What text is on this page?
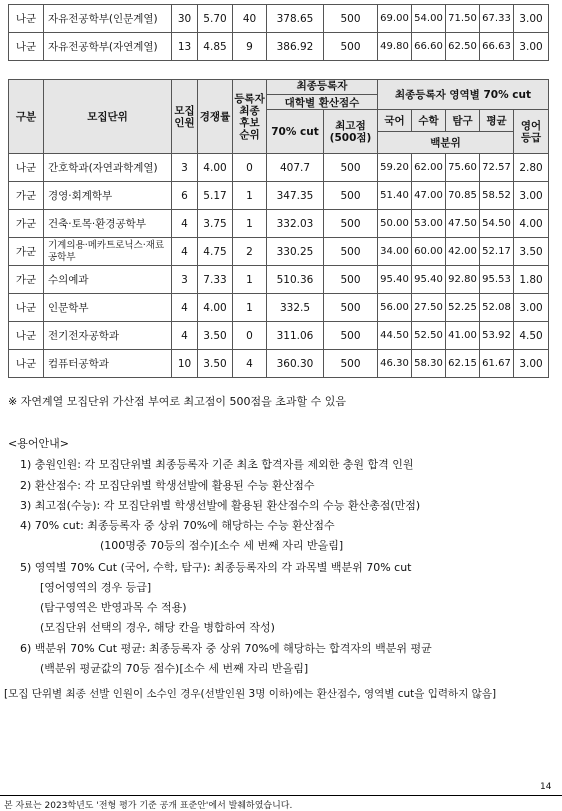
나군	자유전공학부(인문계열)	30	5.70	40	378.65	500	69.00	54.00	71.50	67.33	3.00
나군	자유전공학부(자연계열)	13	4.85	9	386.92	500	49.80	66.60	62.50	66.63	3.00
구분	모집단위	모집인원	경쟁률	등록자 최종 후보 순위	최종등록자
대학별 환산점수		최종등록자 영역별 70% cut				

					70% cut	최고점 (500점)	국어	수학	탐구	평균	영어 등급
							백분위				
나군	간호학과(자연과학계열)	3	4.00	0	407.7	500	59.20	62.00	75.60	72.57	2.80
가군	경영·회계학부	6	5.17	1	347.35	500	51.40	47.00	70.85	58.52	3.00
가군	건축·토목·환경공학부	4	3.75	1	332.03	500	50.00	53.00	47.50	54.50	4.00
가군	기계의용·메카트로닉스·재료공학부	4	4.75	2	330.25	500	34.00	60.00	42.00	52.17	3.50
가군	수의예과	3	7.33	1	510.36	500	95.40	95.40	92.80	95.53	1.80
나군	인문학부	4	4.00	1	332.5	500	56.00	27.50	52.25	52.08	3.00
나군	전기전자공학과	4	3.50	0	311.06	500	44.50	52.50	41.00	53.92	4.50
나군	컴퓨터공학과	10	3.50	4	360.30	500	46.30	58.30	62.15	61.67	3.00
※ 자연계열 모집단위 가산점 부여로 최고점이 500점을 초과할 수 있음
<용어안내>
1) 충원인원: 각 모집단위별 최종등록자 기준 최초 합격자를 제외한 충원 합격 인원
2) 환산점수: 각 모집단위별 학생선발에 활용된 수능 환산점수
3) 최고점(수능): 각 모집단위별 학생선발에 활용된 환산점수의 수능 환산총점(만점)
4) 70% cut: 최종등록자 중 상위 70%에 해당하는 수능 환산점수
(100명중 70등의 점수)[소수 세 번째 자리 반올림]
5) 영역별 70% Cut (국어, 수학, 탐구): 최종등록자의 각 과목별 백분위 70% cut
[영어영역의 경우 등급]
(탐구영역은 반영과목 수 적용)
(모집단위 선택의 경우, 해당 칸을 병합하여 작성)
6) 백분위 70% Cut 평균: 최종등록자 중 상위 70%에 해당하는 합격자의 백분위 평균
(백분위 평균값의 70등 점수)[소수 세 번째 자리 반올림]
[모집 단위별 최종 선발 인원이 소수인 경우(선발인원 3명 이하)에는 환산점수, 영역별 cut을 입력하지 않음]
14
본 자료는 2023학년도 '전형 평가 기준 공개 표준안'에서 발췌하였습니다.
